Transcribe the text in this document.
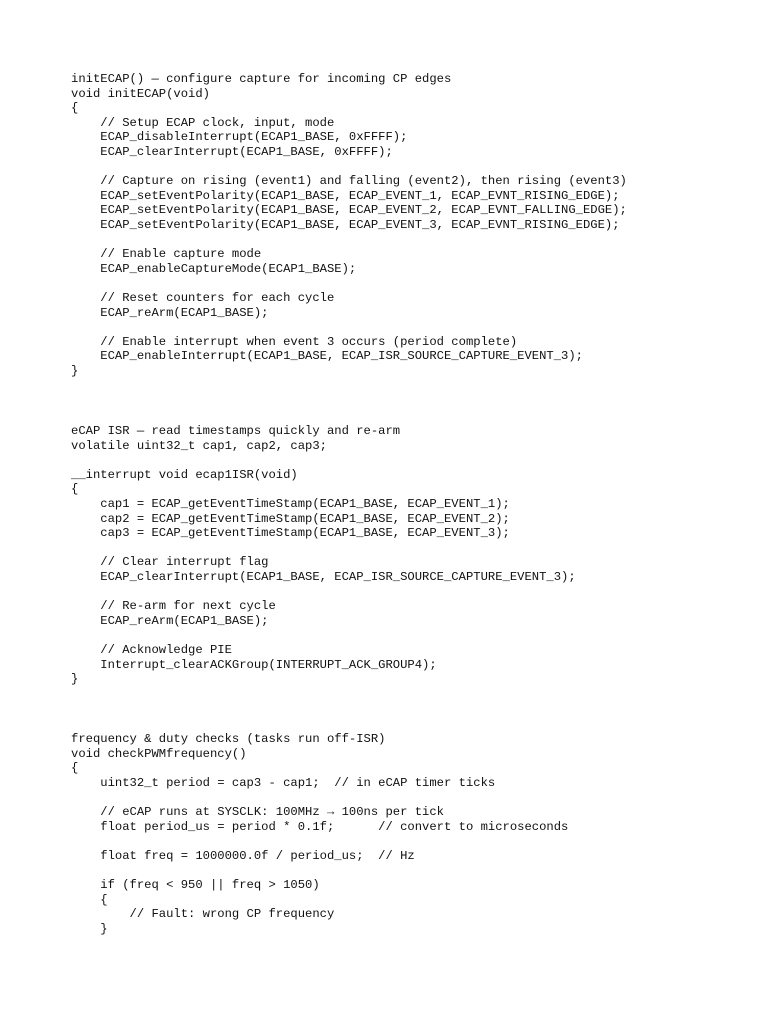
initECAP() — configure capture for incoming CP edges
void initECAP(void)
{
// Setup ECAP clock, input, mode
ECAP_disableInterrupt(ECAP1_BASE, 0xFFFF);
ECAP_clearInterrupt(ECAP1_BASE, 0xFFFF);
// Capture on rising (event1) and falling (event2), then rising (event3)
ECAP_setEventPolarity(ECAP1_BASE, ECAP_EVENT_1, ECAP_EVNT_RISING_EDGE);
ECAP_setEventPolarity(ECAP1_BASE, ECAP_EVENT_2, ECAP_EVNT_FALLING_EDGE);
ECAP_setEventPolarity(ECAP1_BASE, ECAP_EVENT_3, ECAP_EVNT_RISING_EDGE);
// Enable capture mode
ECAP_enableCaptureMode(ECAP1_BASE);
// Reset counters for each cycle
ECAP_reArm(ECAP1_BASE);
// Enable interrupt when event 3 occurs (period complete)
ECAP_enableInterrupt(ECAP1_BASE, ECAP_ISR_SOURCE_CAPTURE_EVENT_3);
}
eCAP ISR — read timestamps quickly and re-arm
volatile uint32_t cap1, cap2, cap3;
__interrupt void ecap1ISR(void)
{
cap1 = ECAP_getEventTimeStamp(ECAP1_BASE, ECAP_EVENT_1);
cap2 = ECAP_getEventTimeStamp(ECAP1_BASE, ECAP_EVENT_2);
cap3 = ECAP_getEventTimeStamp(ECAP1_BASE, ECAP_EVENT_3);
// Clear interrupt flag
ECAP_clearInterrupt(ECAP1_BASE, ECAP_ISR_SOURCE_CAPTURE_EVENT_3);
// Re-arm for next cycle
ECAP_reArm(ECAP1_BASE);
// Acknowledge PIE
Interrupt_clearACKGroup(INTERRUPT_ACK_GROUP4);
}
frequency & duty checks (tasks run off-ISR)
void checkPWMfrequency()
{
uint32_t period = cap3 - cap1;  // in eCAP timer ticks
// eCAP runs at SYSCLK: 100MHz → 100ns per tick
float period_us = period * 0.1f;      // convert to microseconds
float freq = 1000000.0f / period_us;  // Hz
if (freq < 950 || freq > 1050)
{
// Fault: wrong CP frequency
}
